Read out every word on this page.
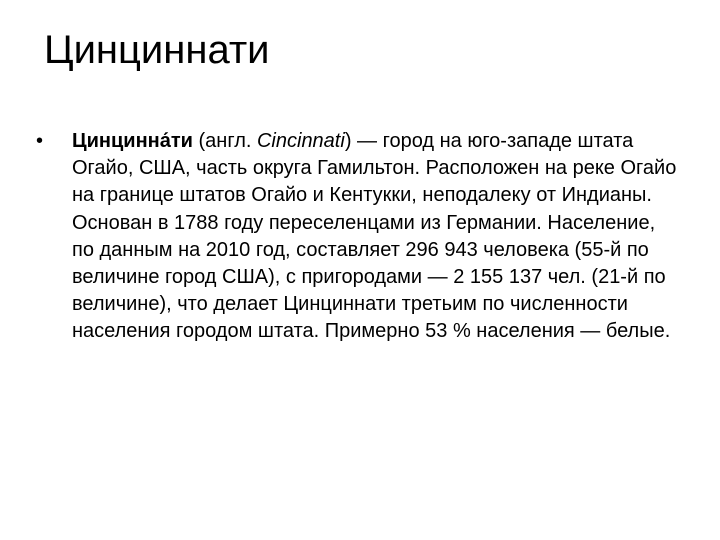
Цинциннати
• Цинцинна́ти (англ. Cincinnati) — город на юго-западе штата Огайо, США, часть округа Гамильтон. Расположен на реке Огайо на границе штатов Огайо и Кентукки, неподалеку от Индианы. Основан в 1788 году переселенцами из Германии. Население, по данным на 2010 год, составляет 296 943 человека (55-й по величине город США), с пригородами — 2 155 137 чел. (21-й по величине), что делает Цинциннати третьим по численности населения городом штата. Примерно 53 % населения — белые.
